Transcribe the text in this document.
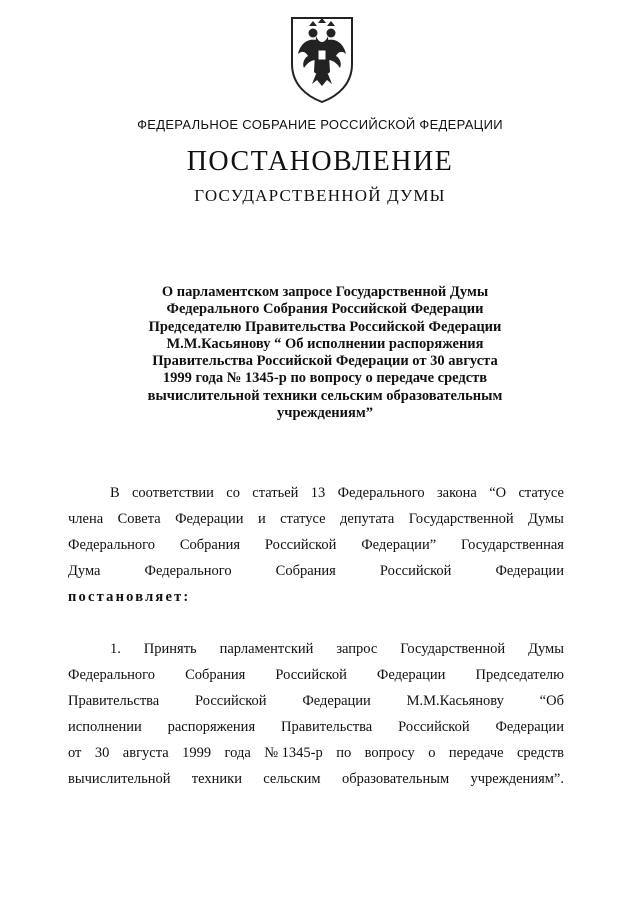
ФЕДЕРАЛЬНОЕ СОБРАНИЕ РОССИЙСКОЙ ФЕДЕРАЦИИ
ПОСТАНОВЛЕНИЕ
ГОСУДАРСТВЕННОЙ ДУМЫ
О парламентском запросе Государственной Думы
Федерального Собрания Российской Федерации
Председателю Правительства Российской Федерации
М.М.Касьянову “ Об исполнении распоряжения
Правительства Российской Федерации от 30 августа
1999 года № 1345-р по вопросу о передаче средств
вычислительной техники сельским образовательным
учреждениям”
В соответствии со статьей 13 Федерального закона “О статусе
члена Совета Федерации и статусе депутата Государственной Думы
Федерального Собрания Российской Федерации” Государственная
Дума	Федерального	Собрания	Российской	Федерации
постановляет:
1. Принять парламентский запрос Государственной Думы
Федерального Собрания Российской Федерации Председателю
Правительства Российской Федерации М.М.Касьянову “Об
исполнении распоряжения Правительства Российской Федерации
от 30 августа 1999 года № 1345-р по вопросу о передаче средств
вычислительной техники сельским образовательным учреждениям”.
